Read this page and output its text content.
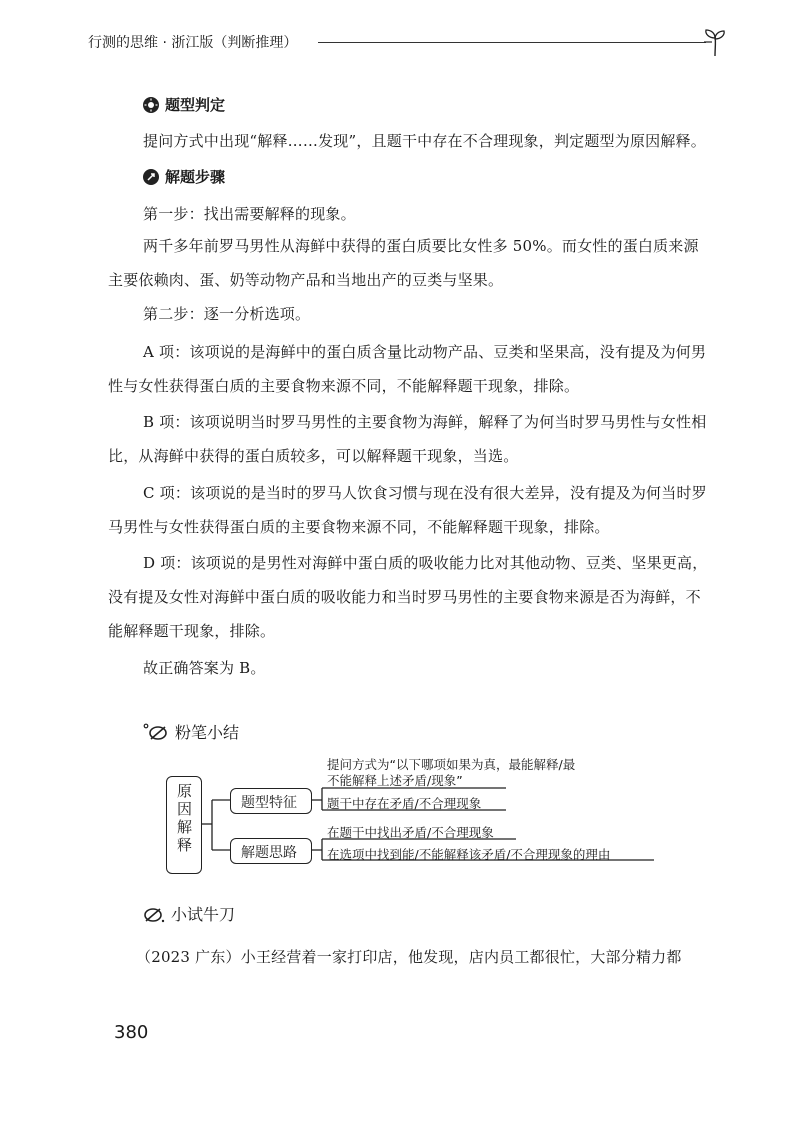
行测的思维 · 浙江版（判断推理）
题型判定
提问方式中出现“解释……发现”，且题干中存在不合理现象，判定题型为原因解释。
解题步骤
第一步：找出需要解释的现象。
两千多年前罗马男性从海鲜中获得的蛋白质要比女性多 50%。而女性的蛋白质来源主要依赖肉、蛋、奶等动物产品和当地出产的豆类与坚果。
第二步：逐一分析选项。
A 项：该项说的是海鲜中的蛋白质含量比动物产品、豆类和坚果高，没有提及为何男性与女性获得蛋白质的主要食物来源不同，不能解释题干现象，排除。
B 项：该项说明当时罗马男性的主要食物为海鲜，解释了为何当时罗马男性与女性相比，从海鲜中获得的蛋白质较多，可以解释题干现象，当选。
C 项：该项说的是当时的罗马人饮食习惯与现在没有很大差异，没有提及为何当时罗马男性与女性获得蛋白质的主要食物来源不同，不能解释题干现象，排除。
D 项：该项说的是男性对海鲜中蛋白质的吸收能力比对其他动物、豆类、坚果更高，没有提及女性对海鲜中蛋白质的吸收能力和当时罗马男性的主要食物来源是否为海鲜，不能解释题干现象，排除。
故正确答案为 B。
粉笔小结
原因解释	题型特征
解题思路
提问方式为“以下哪项如果为真，最能解释/最
不能解释上述矛盾/现象”
题干中存在矛盾/不合理现象
在题干中找出矛盾/不合理现象
在选项中找到能/不能解释该矛盾/不合理现象的理由
小试牛刀
（2023 广东）小王经营着一家打印店，他发现，店内员工都很忙，大部分精力都
380
